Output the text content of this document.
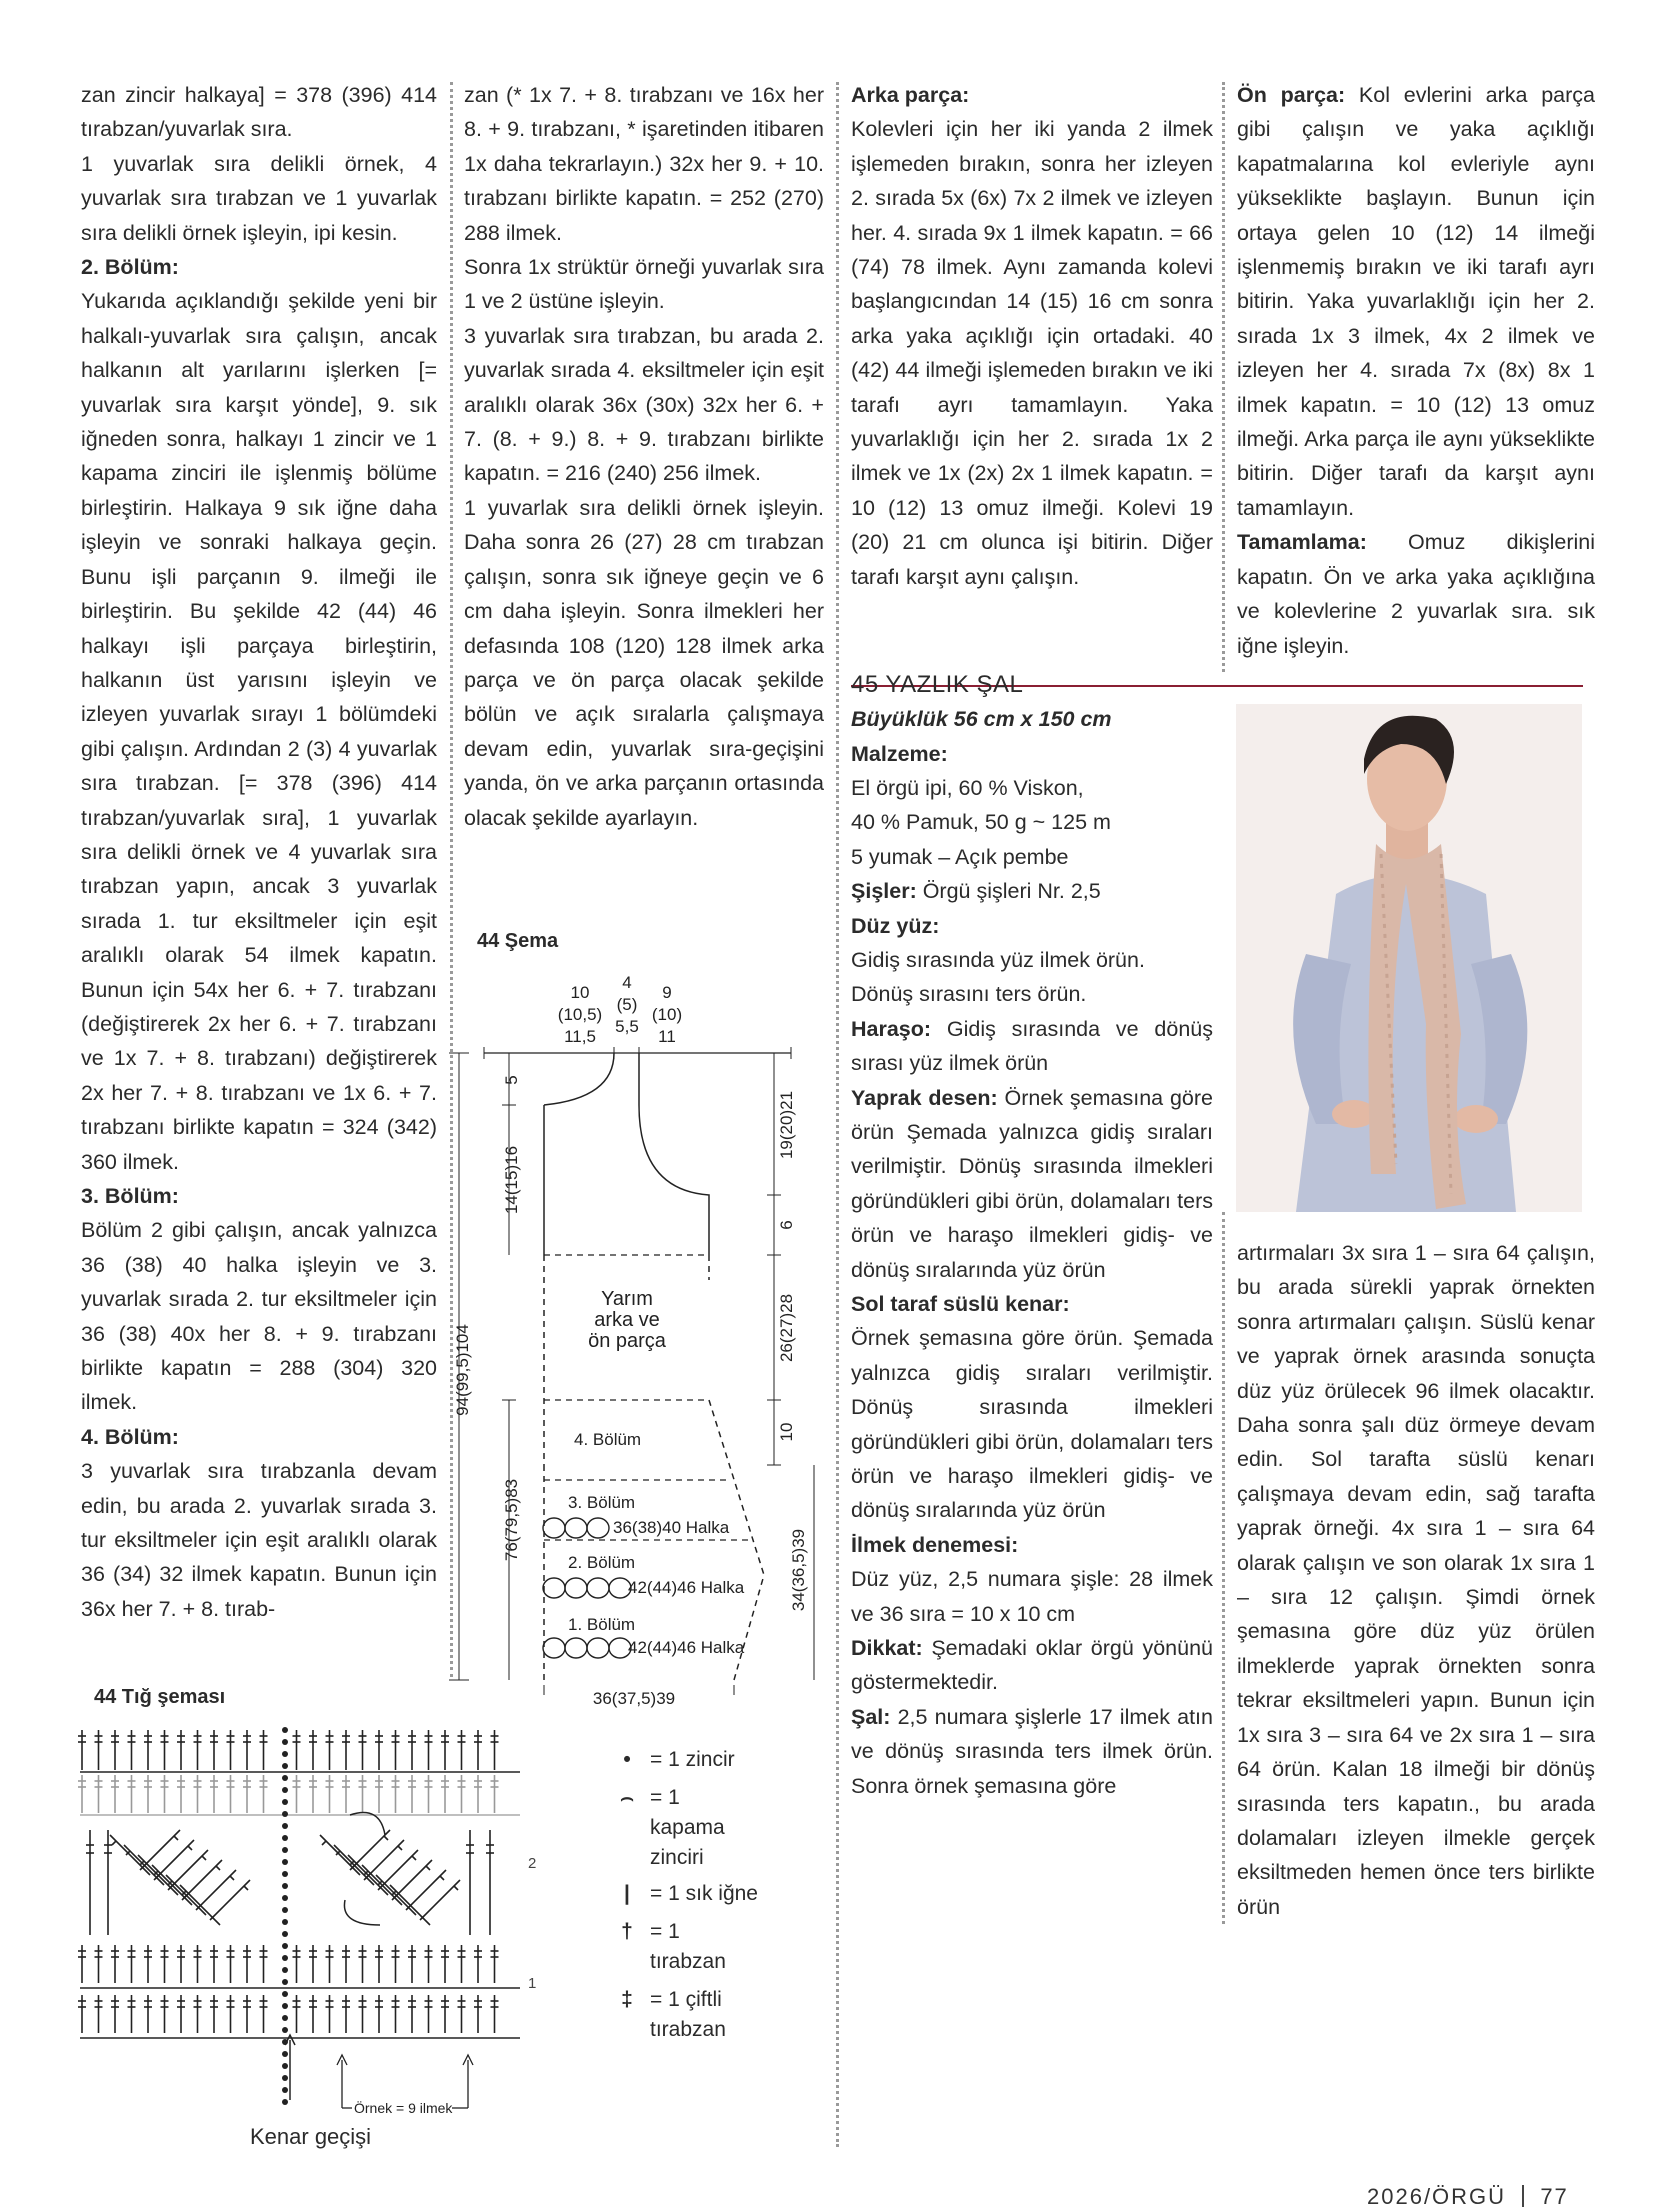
zan zincir halkaya] = 378 (396) 414 tırabzan/yuvarlak sıra.

1 yuvarlak sıra delikli örnek, 4 yuvarlak sıra tırabzan ve 1 yuvarlak sıra delikli örnek işleyin, ipi kesin.

2. Bölüm:

Yukarıda açıklandığı şekilde yeni bir halkalı-yuvarlak sıra çalışın, ancak halkanın alt yarılarını işlerken [= yuvarlak sıra karşıt yönde], 9. sık iğneden sonra, halkayı 1 zincir ve 1 kapama zinciri ile işlenmiş bölüme birleştirin. Halkaya 9 sık iğne daha işleyin ve sonraki halkaya geçin. Bunu işli parçanın 9. ilmeği ile birleştirin. Bu şekilde 42 (44) 46 halkayı işli parçaya birleştirin, halkanın üst yarısını işleyin ve izleyen yuvarlak sırayı 1 bölümdeki gibi çalışın. Ardından 2 (3) 4 yuvarlak sıra tırabzan. [= 378 (396) 414 tırabzan/yuvarlak sıra], 1 yuvarlak sıra delikli örnek ve 4 yuvarlak sıra tırabzan yapın, ancak 3 yuvarlak sırada 1. tur eksiltmeler için eşit aralıklı olarak 54 ilmek kapatın. Bunun için 54x her 6. + 7. tırabzanı (değiştirerek 2x her 6. + 7. tırabzanı ve 1x 7. + 8. tırabzanı) değiştirerek 2x her 7. + 8. tırabzanı ve 1x 6. + 7. tırabzanı birlikte kapatın = 324 (342) 360 ilmek.

3. Bölüm:

Bölüm 2 gibi çalışın, ancak yalnızca 36 (38) 40 halka işleyin ve 3. yuvarlak sırada 2. tur eksiltmeler için 36 (38) 40x her 8. + 9. tırabzanı birlikte kapatın = 288 (304) 320 ilmek.

4. Bölüm:

3 yuvarlak sıra tırabzanla devam edin, bu arada 2. yuvarlak sırada 3. tur eksiltmeler için eşit aralıklı olarak 36 (34) 32 ilmek kapatın. Bunun için 36x her 7. + 8. tırab-

zan (* 1x 7. + 8. tırabzanı ve 16x her 8. + 9. tırabzanı, * işaretinden itibaren 1x daha tekrarlayın.) 32x her 9. + 10. tırabzanı birlikte kapatın. = 252 (270) 288 ilmek.

Sonra 1x strüktür örneği yuvarlak sıra 1 ve 2 üstüne işleyin.

3 yuvarlak sıra tırabzan, bu arada 2. yuvarlak sırada 4. eksiltmeler için eşit aralıklı olarak 36x (30x) 32x her 6. + 7. (8. + 9.) 8. + 9. tırabzanı birlikte kapatın. = 216 (240) 256 ilmek.

1 yuvarlak sıra delikli örnek işleyin. Daha sonra 26 (27) 28 cm tırabzan çalışın, sonra sık iğneye geçin ve 6 cm daha işleyin. Sonra ilmekleri her defasında 108 (120) 128 ilmek arka parça ve ön parça olacak şekilde bölün ve açık sıralarla çalışmaya devam edin, yuvarlak sıra-geçişini yanda, ön ve arka parçanın ortasında olacak şekilde ayarlayın.

Arka parça:

Kolevleri için her iki yanda 2 ilmek işlemeden bırakın, sonra her izleyen 2. sırada 5x (6x) 7x 2 ilmek ve izleyen her. 4. sırada 9x 1 ilmek kapatın. = 66 (74) 78 ilmek. Aynı zamanda kolevi başlangıcından 14 (15) 16 cm sonra arka yaka açıklığı için ortadaki. 40 (42) 44 ilmeği işlemeden bırakın ve iki tarafı ayrı tamamlayın. Yaka yuvarlaklığı için her 2. sırada 1x 2 ilmek ve 1x (2x) 2x 1 ilmek kapatın. = 10 (12) 13 omuz ilmeği. Kolevi 19 (20) 21 cm olunca işi bitirin. Diğer tarafı karşıt aynı çalışın.

45 YAZLIK ŞAL

Büyüklük 56 cm x 150 cm

Malzeme:

El örgü ipi, 60 % Viskon,

40 % Pamuk, 50 g ~ 125 m

5 yumak – Açık pembe

Şişler: Örgü şişleri Nr. 2,5

Düz yüz:

Gidiş sırasında yüz ilmek örün.

Dönüş sırasını ters örün.

Haraşo: Gidiş sırasında ve dönüş sırası yüz ilmek örün

Yaprak desen: Örnek şemasına göre örün Şemada yalnızca gidiş sıraları verilmiştir. Dönüş sırasında ilmekleri göründükleri gibi örün, dolamaları ters örün ve haraşo ilmekleri gidiş- ve dönüş sıralarında yüz örün

Sol taraf süslü kenar:

Örnek şemasına göre örün. Şemada yalnızca gidiş sıraları verilmiştir. Dönüş sırasında ilmekleri göründükleri gibi örün, dolamaları ters örün ve haraşo ilmekleri gidiş- ve dönüş sıralarında yüz örün

İlmek denemesi:

Düz yüz, 2,5 numara şişle: 28 ilmek ve 36 sıra = 10 x 10 cm

Dikkat: Şemadaki oklar örgü yönünü göstermektedir.

Şal: 2,5 numara şişlerle 17 ilmek atın ve dönüş sırasında ters ilmek örün. Sonra örnek şemasına göre

Ön parça: Kol evlerini arka parça gibi çalışın ve yaka açıklığı kapatmalarına kol evleriyle aynı yükseklikte başlayın. Bunun için ortaya gelen 10 (12) 14 ilmeği işlenmemiş bırakın ve iki tarafı ayrı bitirin. Yaka yuvarlaklığı için her 2. sırada 1x 3 ilmek, 4x 2 ilmek ve izleyen her 4. sırada 7x (8x) 8x 1 ilmek kapatın. = 10 (12) 13 omuz ilmeği. Arka parça ile aynı yükseklikte bitirin. Diğer tarafı da karşıt aynı tamamlayın.

Tamamlama: Omuz dikişlerini kapatın. Ön ve arka yaka açıklığına ve kolevlerine 2 yuvarlak sıra. sık iğne işleyin.

artırmaları 3x sıra 1 – sıra 64 çalışın, bu arada sürekli yaprak örnekten sonra artırmaları çalışın. Süslü kenar ve yaprak örnek arasında sonuçta düz yüz örülecek 96 ilmek olacaktır. Daha sonra şalı düz örmeye devam edin. Sol tarafta süslü kenarı çalışmaya devam edin, sağ tarafta yaprak örneği. 4x sıra 1 – sıra 64 olarak çalışın ve son olarak 1x sıra 1 – sıra 12 çalışın. Şimdi örnek şemasına göre düz yüz örülen ilmeklerde yaprak örnekten sonra tekrar eksiltmeleri yapın. Bunun için 1x sıra 3 – sıra 64 ve 2x sıra 1 – sıra 64 örün. Kalan 18 ilmeği bir dönüş sırasında ters kapatın., bu arada dolamaları izleyen ilmekle gerçek eksiltmeden hemen önce ters birlikte örün

44 Şema
10
(10,5)
11,5
4
(5)
5,5
9
(10)
11
5
14(15)16
94(99,5)104
76(79,5)83
19(20)21
6
26(27)28
10
34(36,5)39
Yarım
arka ve
ön parça
4. Bölüm
3. Bölüm
2. Bölüm
1. Bölüm
36(38)40 Halka
42(44)46 Halka
42(44)46 Halka
36(37,5)39
44 Tığ şeması
2
1
Örnek = 9 ilmek
Kenar geçişi
• = 1 zincir
⌢ = 1 kapama zinciri
| = 1 sık iğne
† = 1 tırabzan
‡ = 1 çiftli tırabzan
2026/ÖRGÜ 77
